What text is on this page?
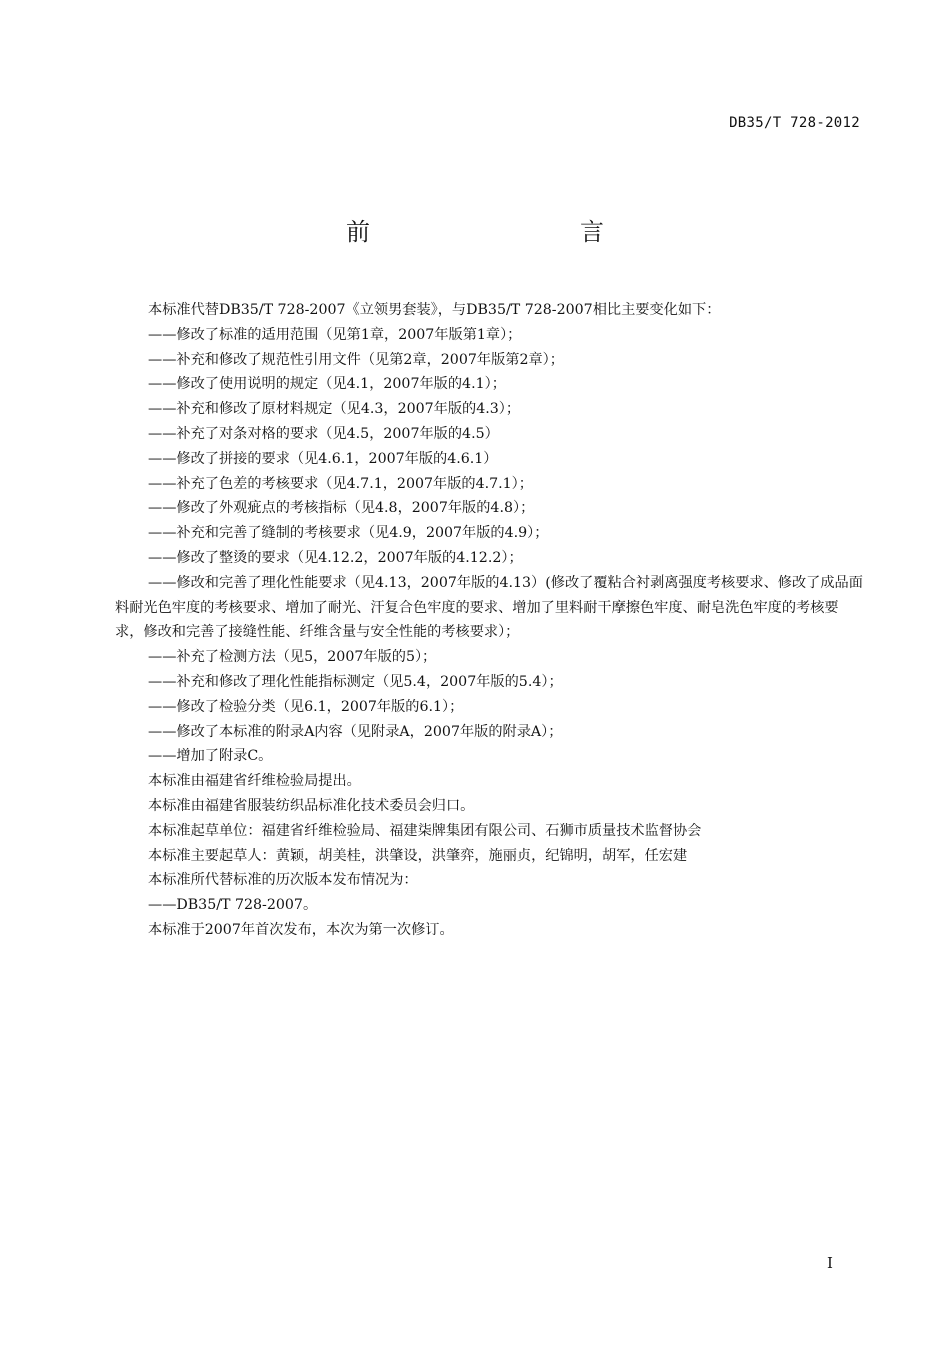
DB35/T 728-2012
前　　言

本标准代替DB35/T 728-2007《立领男套装》，与DB35/T 728-2007相比主要变化如下：

——修改了标准的适用范围（见第1章，2007年版第1章）；

——补充和修改了规范性引用文件（见第2章，2007年版第2章）；

——修改了使用说明的规定（见4.1，2007年版的4.1）；

——补充和修改了原材料规定（见4.3，2007年版的4.3）；

——补充了对条对格的要求（见4.5，2007年版的4.5）

——修改了拼接的要求（见4.6.1，2007年版的4.6.1）

——补充了色差的考核要求（见4.7.1，2007年版的4.7.1）；

——修改了外观疵点的考核指标（见4.8，2007年版的4.8）；

——补充和完善了缝制的考核要求（见4.9，2007年版的4.9）；

——修改了整烫的要求（见4.12.2，2007年版的4.12.2）；

——修改和完善了理化性能要求（见4.13，2007年版的4.13）(修改了覆粘合衬剥离强度考核要求、修改了成品面料耐光色牢度的考核要求、增加了耐光、汗复合色牢度的要求、增加了里料耐干摩擦色牢度、耐皂洗色牢度的考核要求，修改和完善了接缝性能、纤维含量与安全性能的考核要求）；

——补充了检测方法（见5，2007年版的5）；

——补充和修改了理化性能指标测定（见5.4，2007年版的5.4）；

——修改了检验分类（见6.1，2007年版的6.1）；

——修改了本标准的附录A内容（见附录A，2007年版的附录A）；

——增加了附录C。

本标准由福建省纤维检验局提出。

本标准由福建省服装纺织品标准化技术委员会归口。

本标准起草单位：福建省纤维检验局、福建柒牌集团有限公司、石狮市质量技术监督协会

本标准主要起草人：黄颖，胡美桂，洪肇设，洪肇弈，施丽贞，纪锦明，胡军，任宏建

本标准所代替标准的历次版本发布情况为：

——DB35/T 728-2007。

本标准于2007年首次发布，本次为第一次修订。

I
